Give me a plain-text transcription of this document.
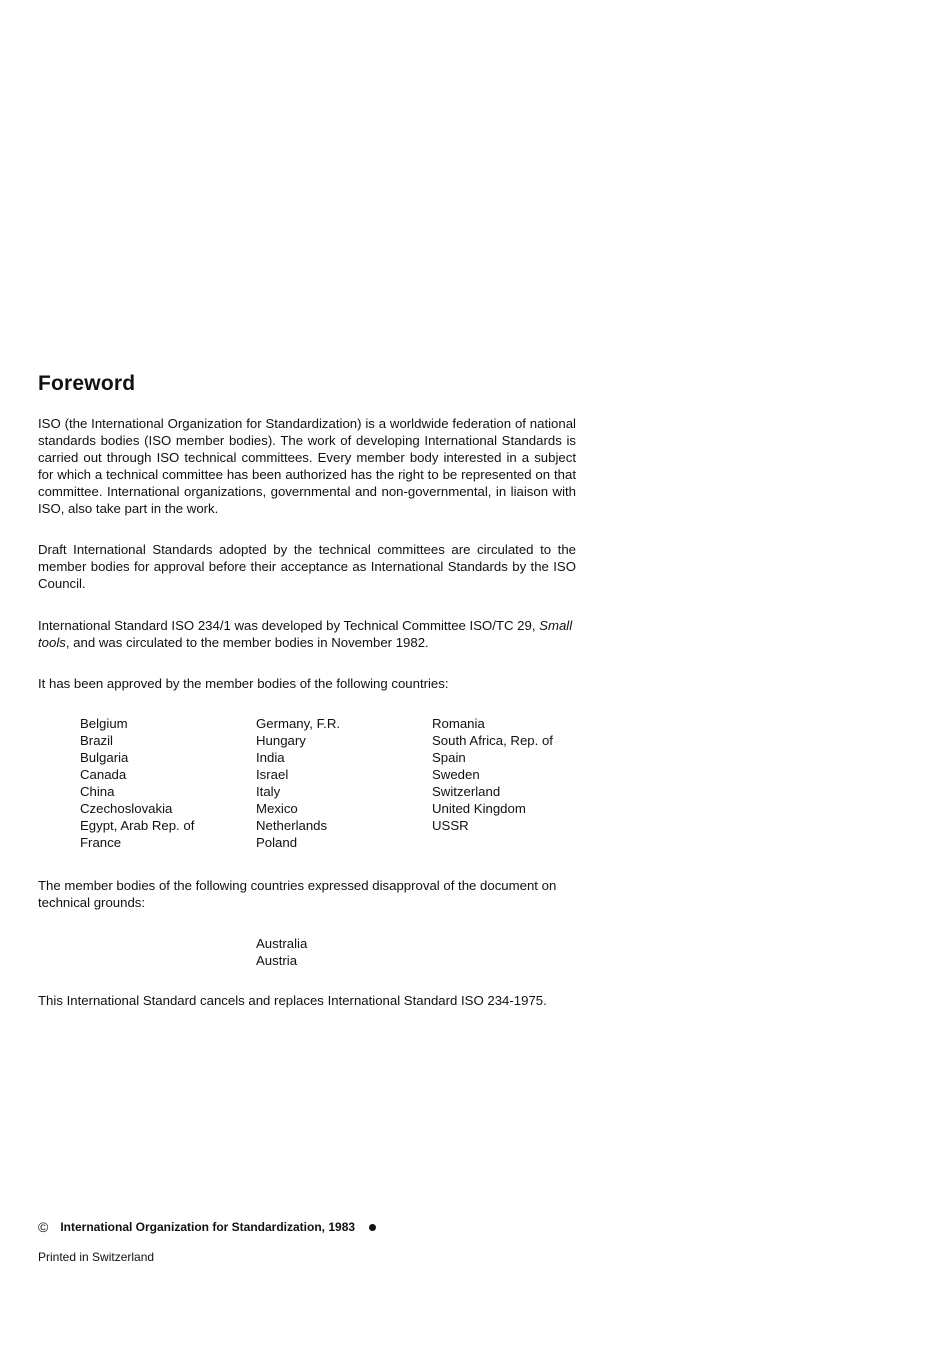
Foreword

ISO (the International Organization for Standardization) is a worldwide federation of national standards bodies (ISO member bodies). The work of developing International Standards is carried out through ISO technical committees. Every member body interested in a subject for which a technical committee has been authorized has the right to be represented on that committee. International organizations, governmental and non-governmental, in liaison with ISO, also take part in the work.

Draft International Standards adopted by the technical committees are circulated to the member bodies for approval before their acceptance as International Standards by the ISO Council.

International Standard ISO 234/1 was developed by Technical Committee ISO/TC 29, Small tools, and was circulated to the member bodies in November 1982.

It has been approved by the member bodies of the following countries:

Belgium
Brazil
Bulgaria
Canada
China
Czechoslovakia
Egypt, Arab Rep. of
France
Germany, F.R.
Hungary
India
Israel
Italy
Mexico
Netherlands
Poland
Romania
South Africa, Rep. of
Spain
Sweden
Switzerland
United Kingdom
USSR

The member bodies of the following countries expressed disapproval of the document on technical grounds:

Australia
Austria

This International Standard cancels and replaces International Standard ISO 234-1975.

© International Organization for Standardization, 1983
Printed in Switzerland
